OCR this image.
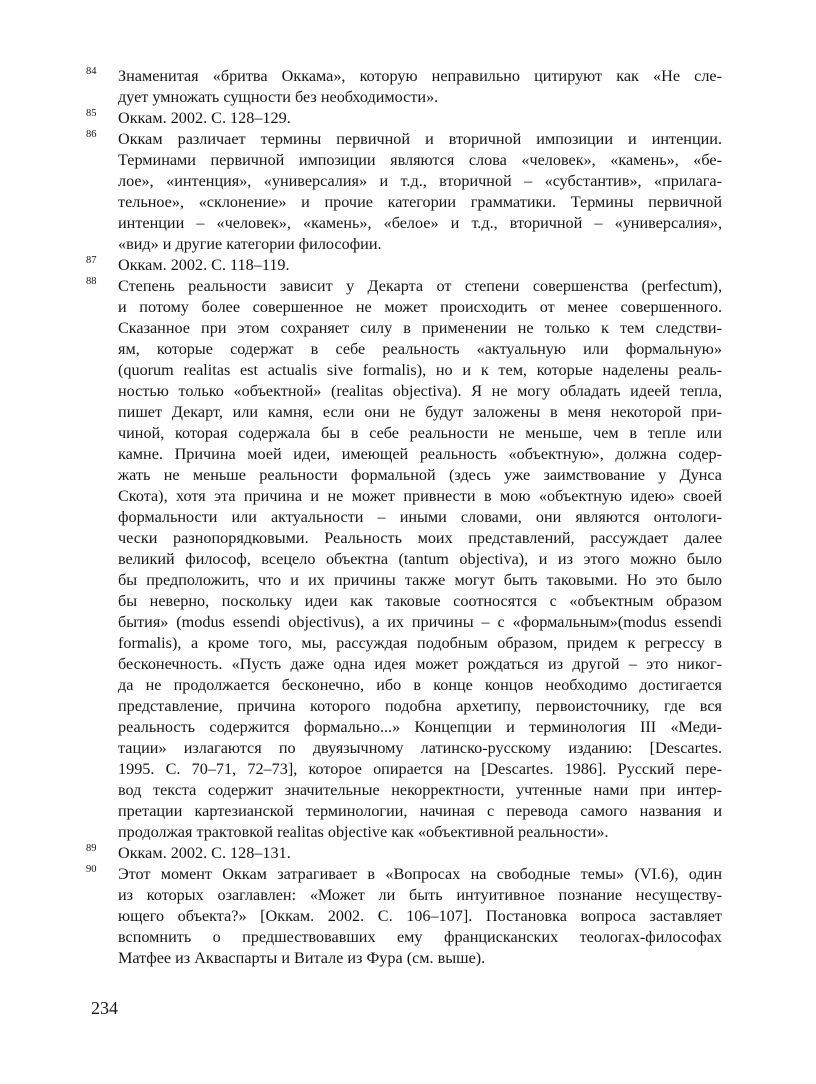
84	Знаменитая «бритва Оккама», которую неправильно цитируют как «Не сле-
дует умножать сущности без необходимости».
85	Оккам. 2002. С. 128–129.
86	Оккам различает термины первичной и вторичной импозиции и интенции.
Терминами первичной импозиции являются слова «человек», «камень», «бе-
лое», «интенция», «универсалия» и т.д., вторичной – «субстантив», «прилага-
тельное», «склонение» и прочие категории грамматики. Термины первичной
интенции – «человек», «камень», «белое» и т.д., вторичной – «универсалия»,
«вид» и другие категории философии.
87	Оккам. 2002. С. 118–119.
88	Степень реальности зависит у Декарта от степени совершенства (perfectum),
и потому более совершенное не может происходить от менее совершенного.
Сказанное при этом сохраняет силу в применении не только к тем следстви-
ям, которые содержат в себе реальность «актуальную или формальную»
(quorum realitas est actualis sive formalis), но и к тем, которые наделены реаль-
ностью только «объектной» (realitas objectiva). Я не могу обладать идеей тепла,
пишет Декарт, или камня, если они не будут заложены в меня некоторой при-
чиной, которая содержала бы в себе реальности не меньше, чем в тепле или
камне. Причина моей идеи, имеющей реальность «объектную», должна содер-
жать не меньше реальности формальной (здесь уже заимствование у Дунса
Скота), хотя эта причина и не может привнести в мою «объектную идею» своей
формальности или актуальности – иными словами, они являются онтологи-
чески разнопорядковыми. Реальность моих представлений, рассуждает далее
великий философ, всецело объектна (tantum objectiva), и из этого можно было
бы предположить, что и их причины также могут быть таковыми. Но это было
бы неверно, поскольку идеи как таковые соотносятся с «объектным образом
бытия» (modus essendi objectivus), а их причины – с «формальным»(modus essendi
formalis), а кроме того, мы, рассуждая подобным образом, придем к регрессу в
бесконечность. «Пусть даже одна идея может рождаться из другой – это никог-
да не продолжается бесконечно, ибо в конце концов необходимо достигается
представление, причина которого подобна архетипу, первоисточнику, где вся
реальность содержится формально...» Концепции и терминология III «Меди-
тации» излагаются по двуязычному латинско-русскому изданию: [Descartes.
1995. С. 70–71, 72–73], которое опирается на [Descartes. 1986]. Русский пере-
вод текста содержит значительные некорректности, учтенные нами при интер-
претации картезианской терминологии, начиная с перевода самого названия и
продолжая трактовкой realitas objective как «объективной реальности».
89	Оккам. 2002. С. 128–131.
90	Этот момент Оккам затрагивает в «Вопросах на свободные темы» (VI.6), один
из которых озаглавлен: «Может ли быть интуитивное познание несуществу-
ющего объекта?» [Оккам. 2002. С. 106–107]. Постановка вопроса заставляет
вспомнить о предшествовавших ему францисканских теологах-философах
Матфее из Акваспарты и Витале из Фура (см. выше).
234
